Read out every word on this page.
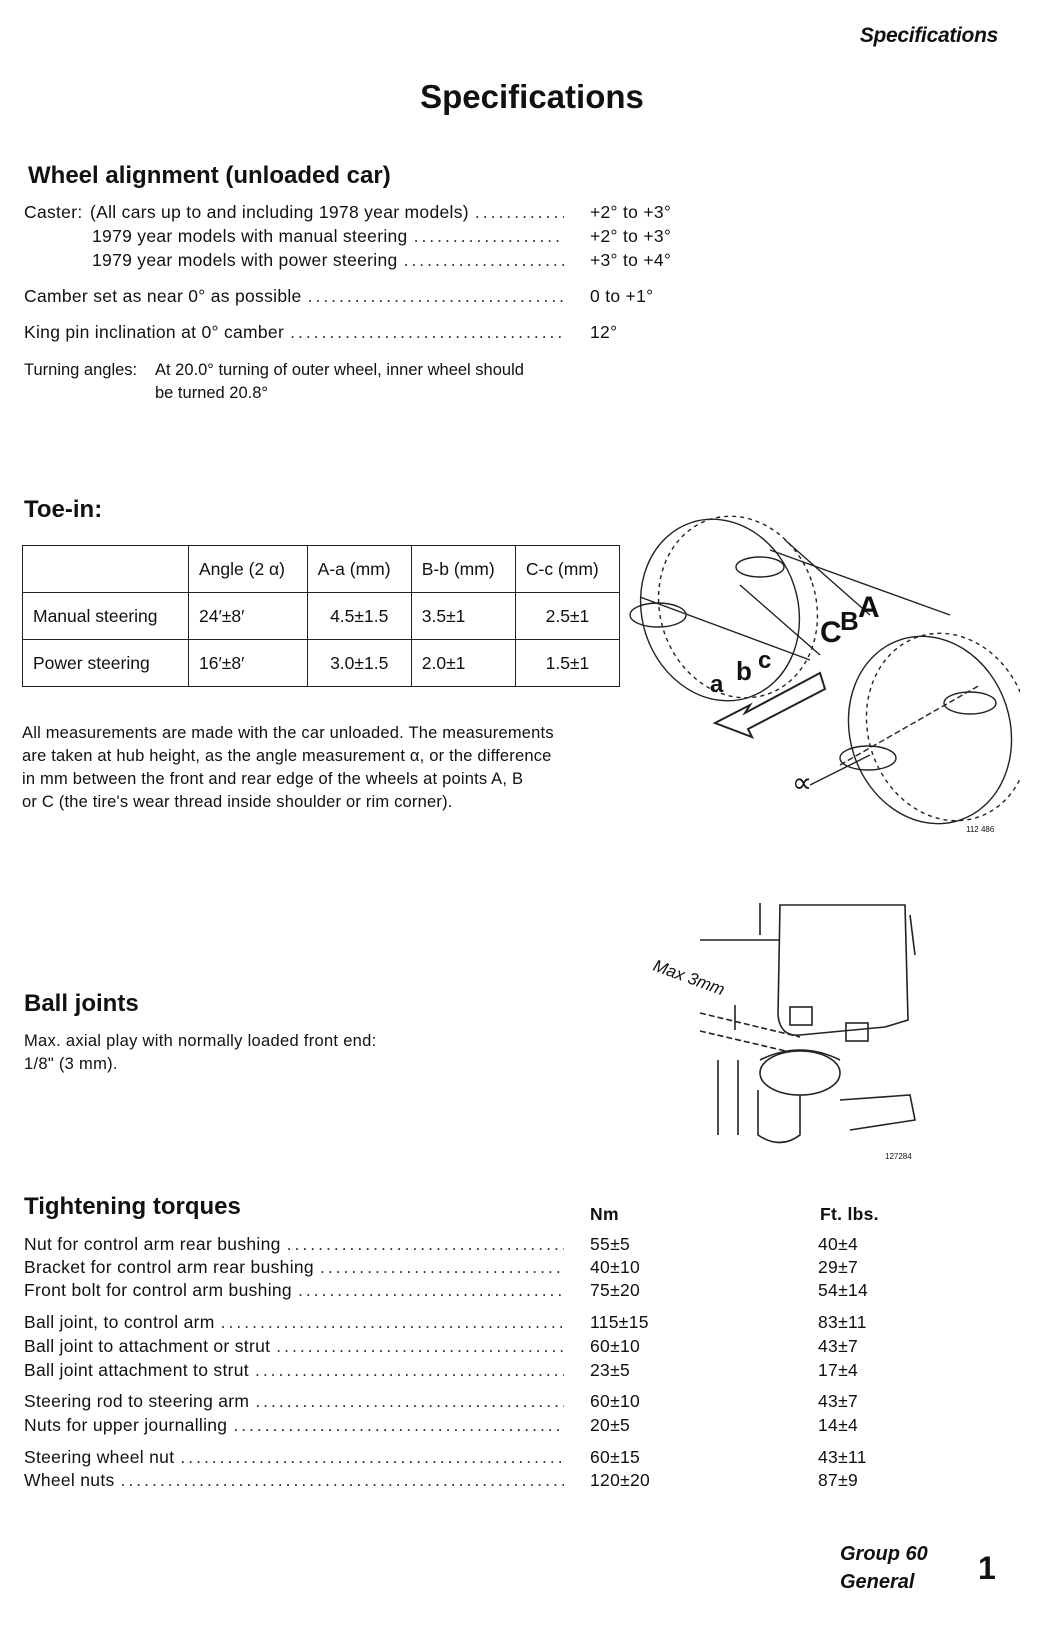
Specifications
Specifications
Wheel alignment (unloaded car)
Caster: (All cars up to and including 1978 year models) .....	+2° to +3°
1979 year models with manual steering .....	+2° to +3°
1979 year models with power steering .....	+3° to +4°
Camber set as near 0° as possible .....	0 to +1°
King pin inclination at 0° camber .....	12°
Turning angles: At 20.0° turning of outer wheel, inner wheel should
be turned 20.8°
Toe-in:
	Angle (2 α)	A-a (mm)	B-b (mm)	C-c (mm)
Manual steering	24′±8′	4.5±1.5	3.5±1	2.5±1
Power steering	16′±8′	3.0±1.5	2.0±1	1.5±1
All measurements are made with the car unloaded. The measurements
are taken at hub height, as the angle measurement α, or the difference
in mm between the front and rear edge of the wheels at points A, B
or C (the tire's wear thread inside shoulder or rim corner).
C
B A
a b c
∝
112 486
Ball joints
Max. axial play with normally loaded front end:
1/8" (3 mm).
Max 3mm
127284
Tightening torques	Nm	Ft. lbs.
Nut for control arm rear bushing .....	55±5	40±4
Bracket for control arm rear bushing .....	40±10	29±7
Front bolt for control arm bushing .....	75±20	54±14
Ball joint, to control arm .....	115±15	83±11
Ball joint to attachment or strut .....	60±10	43±7
Ball joint attachment to strut .....	23±5	17±4
Steering rod to steering arm .....	60±10	43±7
Nuts for upper journalling .....	20±5	14±4
Steering wheel nut .....	60±15	43±11
Wheel nuts .....	120±20	87±9
Group 60
General 1
